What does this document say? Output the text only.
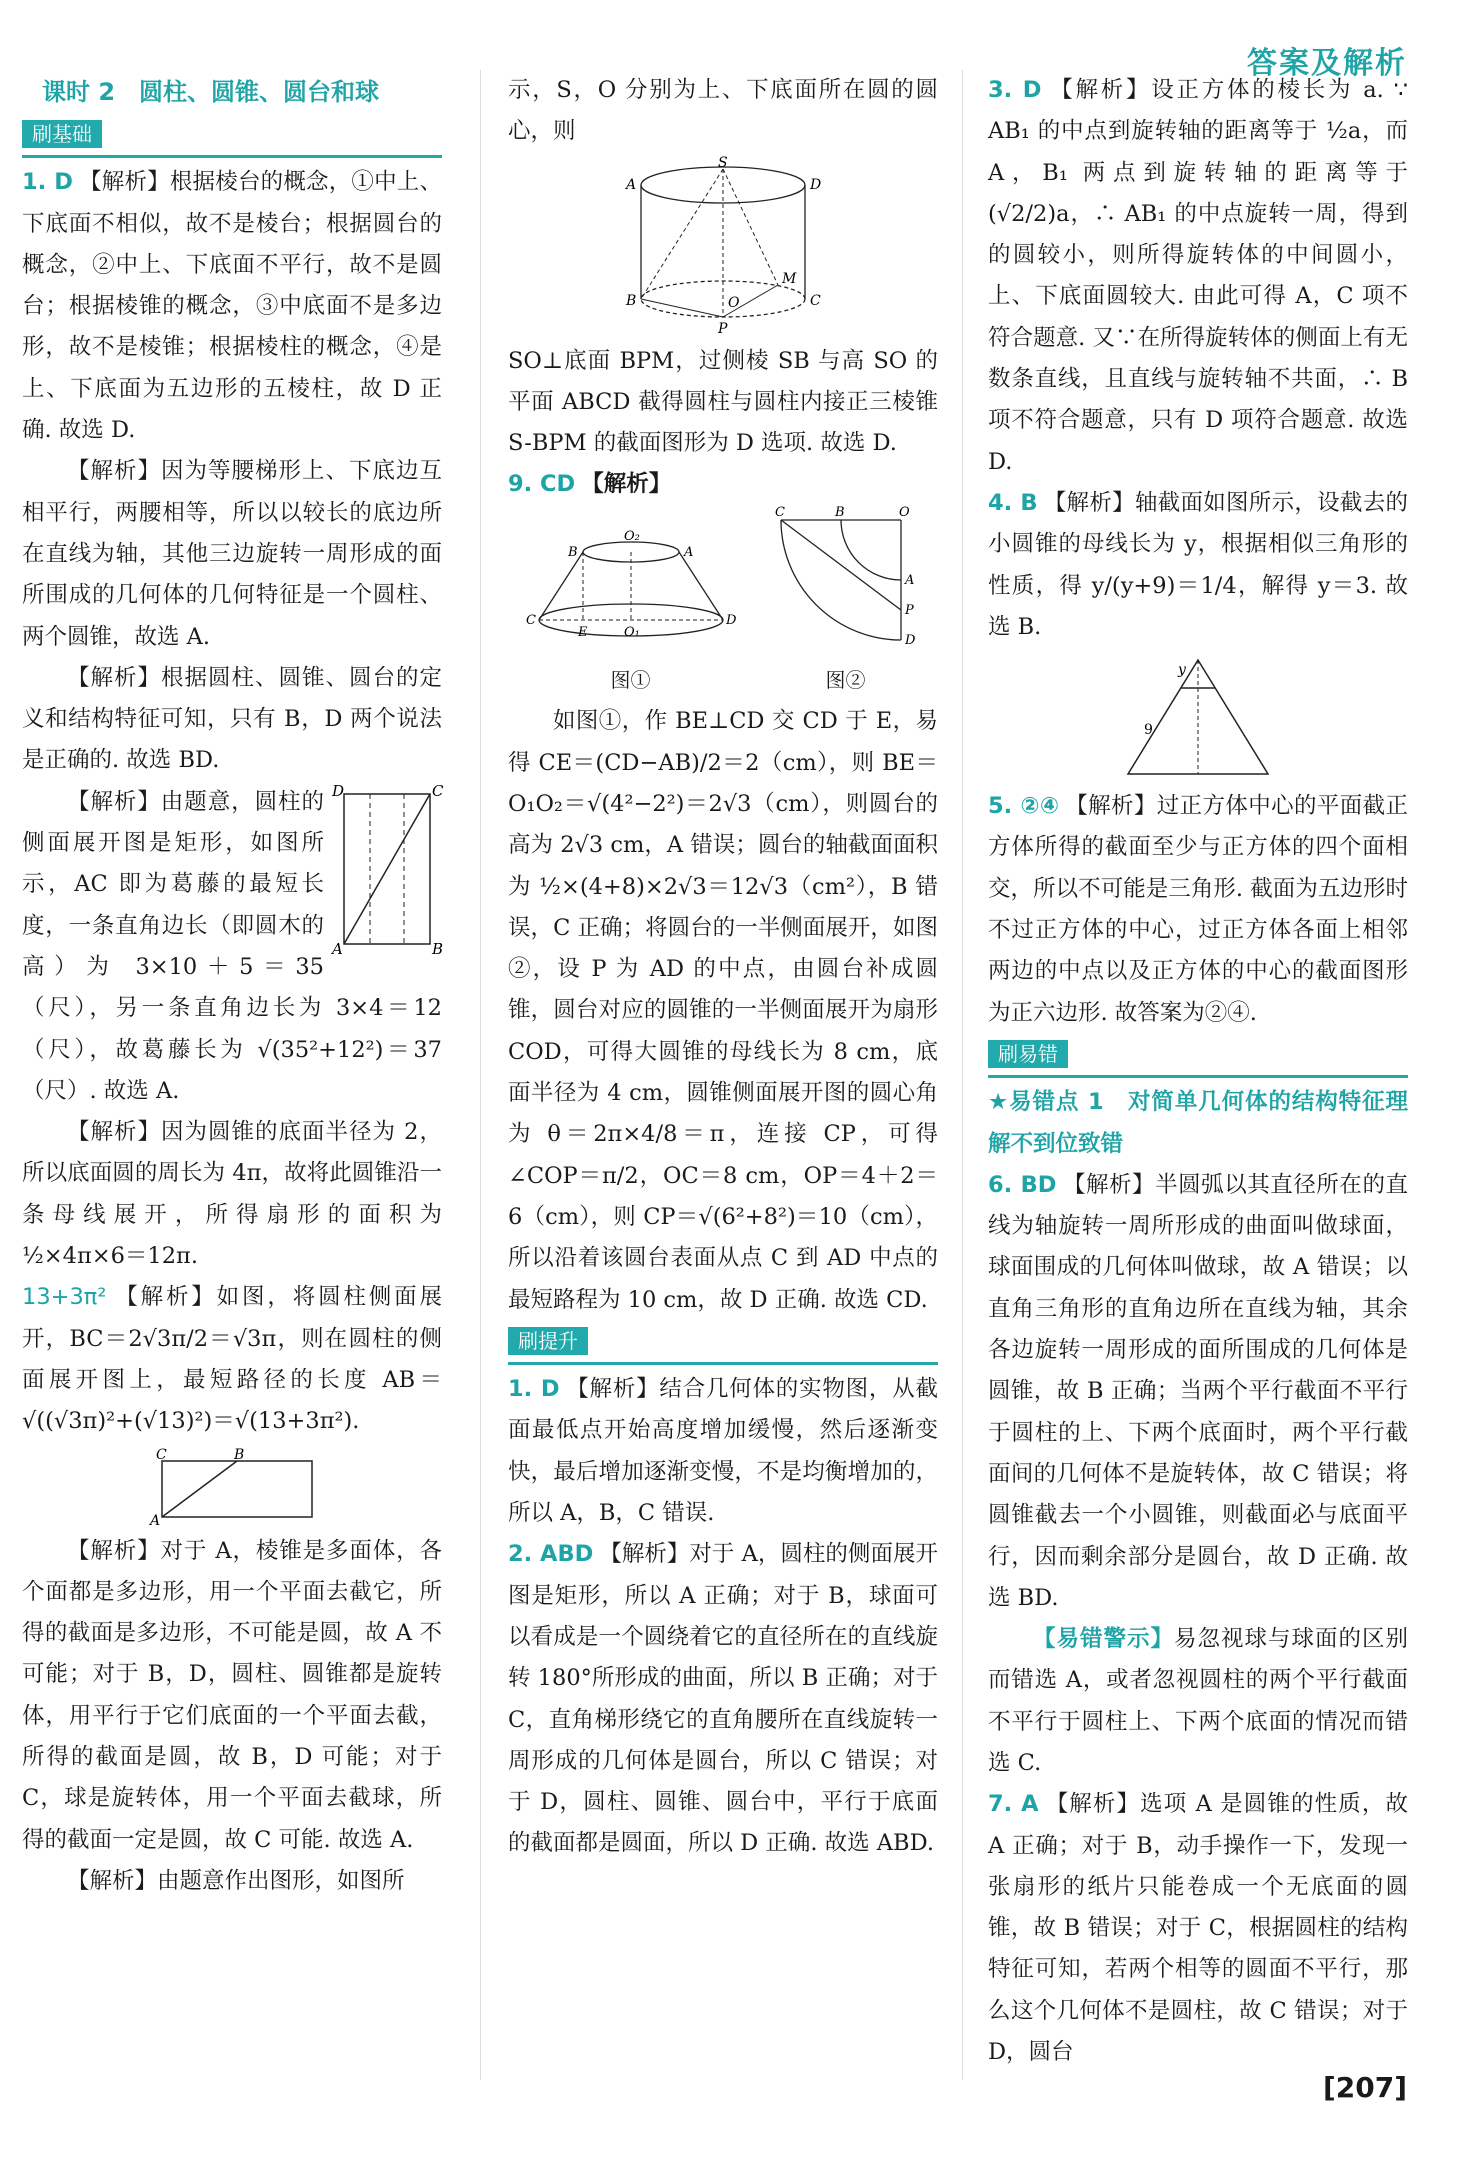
答案及解析
课时 2　圆柱、圆锥、圆台和球
刷基础

1. D 【解析】根据棱台的概念，①中上、下底面不相似，故不是棱台；根据圆台的概念，②中上、下底面不平行，故不是圆台；根据棱锥的概念，③中底面不是多边形，故不是棱锥；根据棱柱的概念，④是上、下底面为五边形的五棱柱，故 D 正确. 故选 D.

【解析】因为等腰梯形上、下底边互相平行，两腰相等，所以以较长的底边所在直线为轴，其他三边旋转一周形成的面所围成的几何体的几何特征是一个圆柱、两个圆锥，故选 A.

【解析】根据圆柱、圆锥、圆台的定义和结构特征可知，只有 B，D 两个说法是正确的. 故选 BD.

D	C
A	B

【解析】由题意，圆柱的侧面展开图是矩形，如图所示，AC 即为葛藤的最短长度，一条直角边长（即圆木的高）为 3×10＋5＝35（尺），另一条直角边长为 3×4＝12（尺），故葛藤长为 √(35²+12²)＝37（尺）. 故选 A.

【解析】因为圆锥的底面半径为 2，所以底面圆的周长为 4π，故将此圆锥沿一条母线展开，所得扇形的面积为 ½×4π×6＝12π.

13+3π² 【解析】如图，将圆柱侧面展开，BC＝2√3π/2＝√3π，则在圆柱的侧面展开图上，最短路径的长度 AB＝√((√3π)²+(√13)²)＝√(13+3π²).

C	B
A

【解析】对于 A，棱锥是多面体，各个面都是多边形，用一个平面去截它，所得的截面是多边形，不可能是圆，故 A 不可能；对于 B，D，圆柱、圆锥都是旋转体，用平行于它们底面的一个平面去截，所得的截面是圆，故 B，D 可能；对于 C，球是旋转体，用一个平面去截球，所得的截面一定是圆，故 C 可能. 故选 A.

【解析】由题意作出图形，如图所

示，S，O 分别为上、下底面所在圆的圆心，则

A
S
D
M
B	O	C
P

SO⊥底面 BPM，过侧棱 SB 与高 SO 的平面 ABCD 截得圆柱与圆柱内接正三棱锥 S-BPM 的截面图形为 D 选项. 故选 D.

9. CD 【解析】

O₂
B	A
C
E	O₁
D
图①
C	B	O
A
P
D
图②

如图①，作 BE⊥CD 交 CD 于 E，易得 CE＝(CD−AB)/2＝2（cm），则 BE＝O₁O₂＝√(4²−2²)＝2√3（cm），则圆台的高为 2√3 cm，A 错误；圆台的轴截面面积为 ½×(4+8)×2√3＝12√3（cm²），B 错误，C 正确；将圆台的一半侧面展开，如图②，设 P 为 AD 的中点，由圆台补成圆锥，圆台对应的圆锥的一半侧面展开为扇形 COD，可得大圆锥的母线长为 8 cm，底面半径为 4 cm，圆锥侧面展开图的圆心角为 θ＝2π×4/8＝π，连接 CP，可得∠COP＝π/2，OC＝8 cm，OP＝4＋2＝6（cm），则 CP＝√(6²+8²)＝10（cm），所以沿着该圆台表面从点 C 到 AD 中点的最短路程为 10 cm，故 D 正确. 故选 CD.

刷提升

1. D 【解析】结合几何体的实物图，从截面最低点开始高度增加缓慢，然后逐渐变快，最后增加逐渐变慢，不是均衡增加的，所以 A，B，C 错误.

2. ABD 【解析】对于 A，圆柱的侧面展开图是矩形，所以 A 正确；对于 B，球面可以看成是一个圆绕着它的直径所在的直线旋转 180°所形成的曲面，所以 B 正确；对于 C，直角梯形绕它的直角腰所在直线旋转一周形成的几何体是圆台，所以 C 错误；对于 D，圆柱、圆锥、圆台中，平行于底面的截面都是圆面，所以 D 正确. 故选 ABD.

3. D 【解析】设正方体的棱长为 a. ∵ AB₁ 的中点到旋转轴的距离等于 ½a，而 A，B₁ 两点到旋转轴的距离等于 (√2/2)a，∴ AB₁ 的中点旋转一周，得到的圆较小，则所得旋转体的中间圆小，上、下底面圆较大. 由此可得 A，C 项不符合题意. 又∵在所得旋转体的侧面上有无数条直线，且直线与旋转轴不共面，∴ B 项不符合题意，只有 D 项符合题意. 故选 D.

4. B 【解析】轴截面如图所示，设截去的小圆锥的母线长为 y，根据相似三角形的性质，得 y/(y+9)＝1/4，解得 y＝3. 故选 B.

y
9

5. ②④ 【解析】过正方体中心的平面截正方体所得的截面至少与正方体的四个面相交，所以不可能是三角形. 截面为五边形时不过正方体的中心，过正方体各面上相邻两边的中点以及正方体的中心的截面图形为正六边形. 故答案为②④.

刷易错

★易错点 1　对简单几何体的结构特征理解不到位致错

6. BD 【解析】半圆弧以其直径所在的直线为轴旋转一周所形成的曲面叫做球面，球面围成的几何体叫做球，故 A 错误；以直角三角形的直角边所在直线为轴，其余各边旋转一周形成的面所围成的几何体是圆锥，故 B 正确；当两个平行截面不平行于圆柱的上、下两个底面时，两个平行截面间的几何体不是旋转体，故 C 错误；将圆锥截去一个小圆锥，则截面必与底面平行，因而剩余部分是圆台，故 D 正确. 故选 BD.

【易错警示】易忽视球与球面的区别而错选 A，或者忽视圆柱的两个平行截面不平行于圆柱上、下两个底面的情况而错选 C.

7. A 【解析】选项 A 是圆锥的性质，故 A 正确；对于 B，动手操作一下，发现一张扇形的纸片只能卷成一个无底面的圆锥，故 B 错误；对于 C，根据圆柱的结构特征可知，若两个相等的圆面不平行，那么这个几何体不是圆柱，故 C 错误；对于 D，圆台

[207]
